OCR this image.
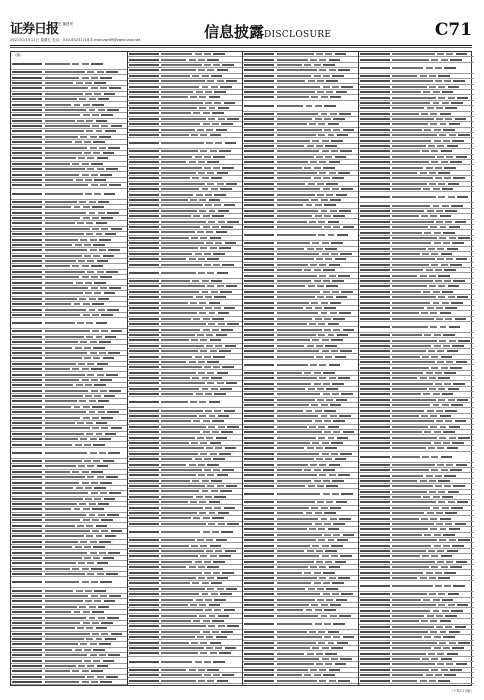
证券日报
责任 董建民
2021年11月12日 星期五 电话：010-83251716 E-mail:zqrb9@zqrb.sina.net	信息披露DISCLOSURE	C71
（续）
（下转C72版）
